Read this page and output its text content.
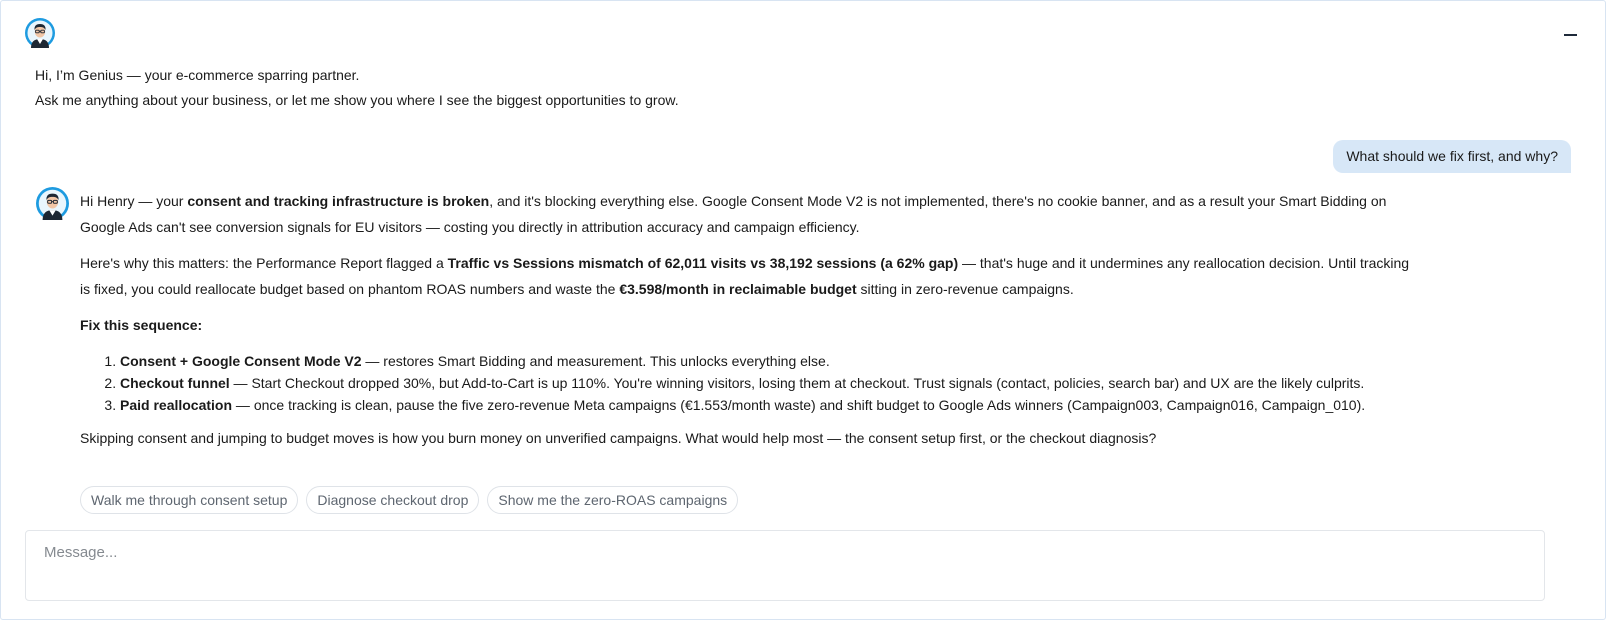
Hi, I’m Genius — your e-commerce sparring partner.
Ask me anything about your business, or let me show you where I see the biggest opportunities to grow.
What should we fix first, and why?

Hi Henry — your consent and tracking infrastructure is broken, and it's blocking everything else. Google Consent Mode V2 is not implemented, there's no cookie banner, and as a result your Smart Bidding on Google Ads can't see conversion signals for EU visitors — costing you directly in attribution accuracy and campaign efficiency.

Here's why this matters: the Performance Report flagged a Traffic vs Sessions mismatch of 62,011 visits vs 38,192 sessions (a 62% gap) — that's huge and it undermines any reallocation decision. Until tracking is fixed, you could reallocate budget based on phantom ROAS numbers and waste the €3.598/month in reclaimable budget sitting in zero-revenue campaigns.

Fix this sequence:

1. Consent + Google Consent Mode V2 — restores Smart Bidding and measurement. This unlocks everything else.
2. Checkout funnel — Start Checkout dropped 30%, but Add-to-Cart is up 110%. You're winning visitors, losing them at checkout. Trust signals (contact, policies, search bar) and UX are the likely culprits.
3. Paid reallocation — once tracking is clean, pause the five zero-revenue Meta campaigns (€1.553/month waste) and shift budget to Google Ads winners (Campaign003, Campaign016, Campaign_010).

Skipping consent and jumping to budget moves is how you burn money on unverified campaigns. What would help most — the consent setup first, or the checkout diagnosis?

Walk me through consent setup	Diagnose checkout drop	Show me the zero-ROAS campaigns
Message...
